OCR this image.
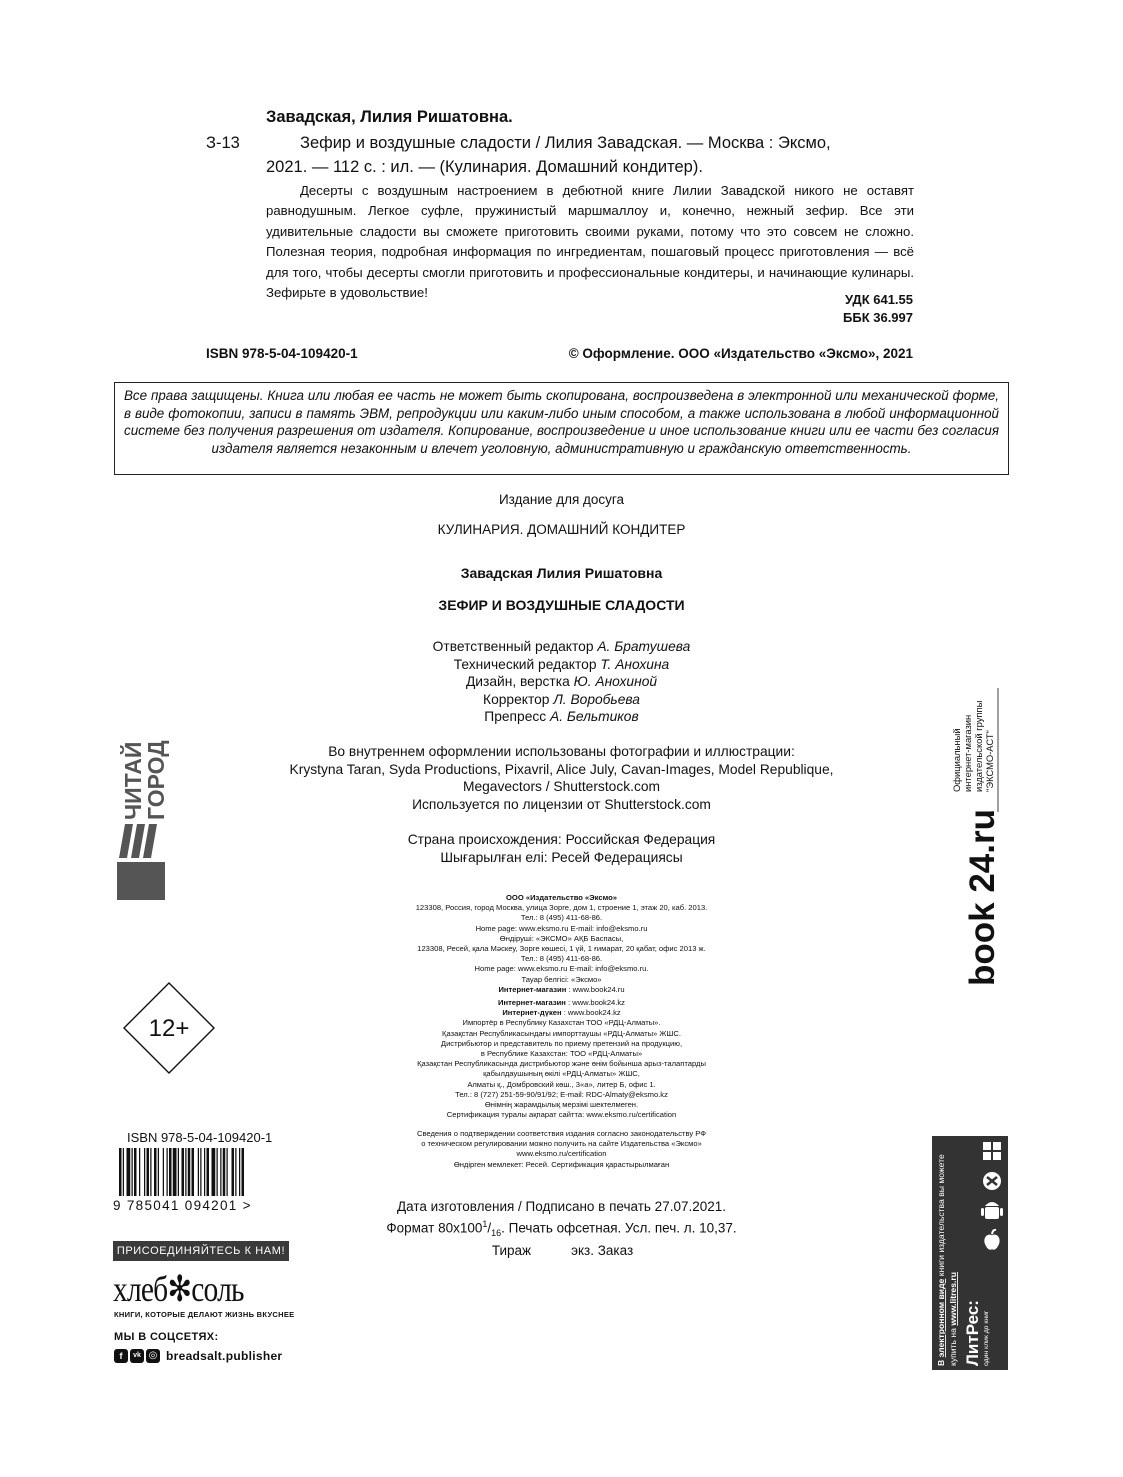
Завадская, Лилия Ришатовна.
З-13	Зефир и воздушные сладости / Лилия Завадская. — Москва : Эксмо,
2021. — 112 с. : ил. — (Кулинария. Домашний кондитер).
Десерты с воздушным настроением в дебютной книге Лилии Завадской никого не оставят равнодушным. Легкое суфле, пружинистый маршмаллоу и, конечно, нежный зефир. Все эти удивительные сладости вы сможете приготовить своими руками, потому что это совсем не сложно. Полезная теория, подробная информация по ингредиентам, пошаговый процесс приготовления — всё для того, чтобы десерты смогли приготовить и профессиональные кондитеры, и начинающие кулинары. Зефирьте в удовольствие!	УДК 641.55
ББК 36.997
ISBN 978-5-04-109420-1	© Оформление. ООО «Издательство «Эксмо», 2021
Все права защищены. Книга или любая ее часть не может быть скопирована, воспроизведена в электронной или механической форме, в виде фотокопии, записи в память ЭВМ, репродукции или каким-либо иным способом, а также использована в любой информационной системе без получения разрешения от издателя. Копирование, воспроизведение и иное использование книги или ее части без согласия издателя является незаконным и влечет уголовную, административную и гражданскую ответственность.
Издание для досуга
КУЛИНАРИЯ. ДОМАШНИЙ КОНДИТЕР
Завадская Лилия Ришатовна
ЗЕФИР И ВОЗДУШНЫЕ СЛАДОСТИ
Ответственный редактор А. Братушева
Технический редактор Т. Анохина
Дизайн, верстка Ю. Анохиной
Корректор Л. Воробьева
Препресс А. Бельтиков
Во внутреннем оформлении использованы фотографии и иллюстрации:
Krystyna Taran, Syda Productions, Pixavril, Alice July, Cavan-Images, Model Republique,
Megavectors / Shutterstock.com
Используется по лицензии от Shutterstock.com
Страна происхождения: Российская Федерация
Шығарылған елі: Ресей Федерациясы
ООО «Издательство «Эксмо»
123308, Россия, город Москва, улица Зорге, дом 1, строение 1, этаж 20, каб. 2013.
Тел.: 8 (495) 411-68-86.
Home page: www.eksmo.ru E-mail: info@eksmo.ru
Өндіруші: «ЭКСМО» АҚБ Баспасы,
123308, Ресей, қала Мәскеу, Зорге көшесі, 1 үй, 1 ғимарат, 20 қабат, офис 2013 ж.
Тел.: 8 (495) 411-68-86.
Home page: www.eksmo.ru E-mail: info@eksmo.ru.
Тауар белгісі: «Эксмо»
Интернет-магазин : www.book24.ru
Интернет-магазин : www.book24.kz
Интернет-дүкен : www.book24.kz
Импортёр в Республику Казахстан ТОО «РДЦ-Алматы».
Қазақстан Республикасындағы импорттаушы «РДЦ-Алматы» ЖШС.
Дистрибьютор и представитель по приему претензий на продукцию,
в Республике Казахстан: ТОО «РДЦ-Алматы»
Қазақстан Республикасында дистрибьютор және өнім бойынша арыз-талаптарды
қабылдаушының өкілі «РДЦ-Алматы» ЖШС,
Алматы қ., Домбровский көш., 3«а», литер Б, офис 1.
Тел.: 8 (727) 251-59-90/91/92; E-mail: RDC-Almaty@eksmo.kz
Өнімнің жарамдылық мерзімі шектелмеген.
Сертификация туралы ақпарат сайтта: www.eksmo.ru/certification
Сведения о подтверждении соответствия издания согласно законодательству РФ
о техническом регулировании можно получить на сайте Издательства «Эксмо»
www.eksmo.ru/certification
Өндірген мемлекет: Ресей. Сертификация қарастырылмаған
Дата изготовления / Подписано в печать 27.07.2021.
Формат $80x100^1/_{16}$. Печать офсетная. Усл. печ. л. 10,37.
Тираж	экз. Заказ
ЧИТАЙ
ГОРОД
12+
ISBN 978-5-04-109420-1
9 785041 094201 >
ПРИСОЕДИНЯЙТЕСЬ К НАМ!
хлеб✻соль
КНИГИ, КОТОРЫЕ ДЕЛАЮТ ЖИЗНЬ ВКУСНЕЕ
МЫ В СОЦСЕТЯХ:
f	vk ◎ breadsalt.publisher
book 24.ru
Официальный интернет-магазин издательской группы "ЭКСМО-АСТ"
В электронном виде книги издательства вы можете
купить на www.litres.ru
ЛитРес: один клик до книг
